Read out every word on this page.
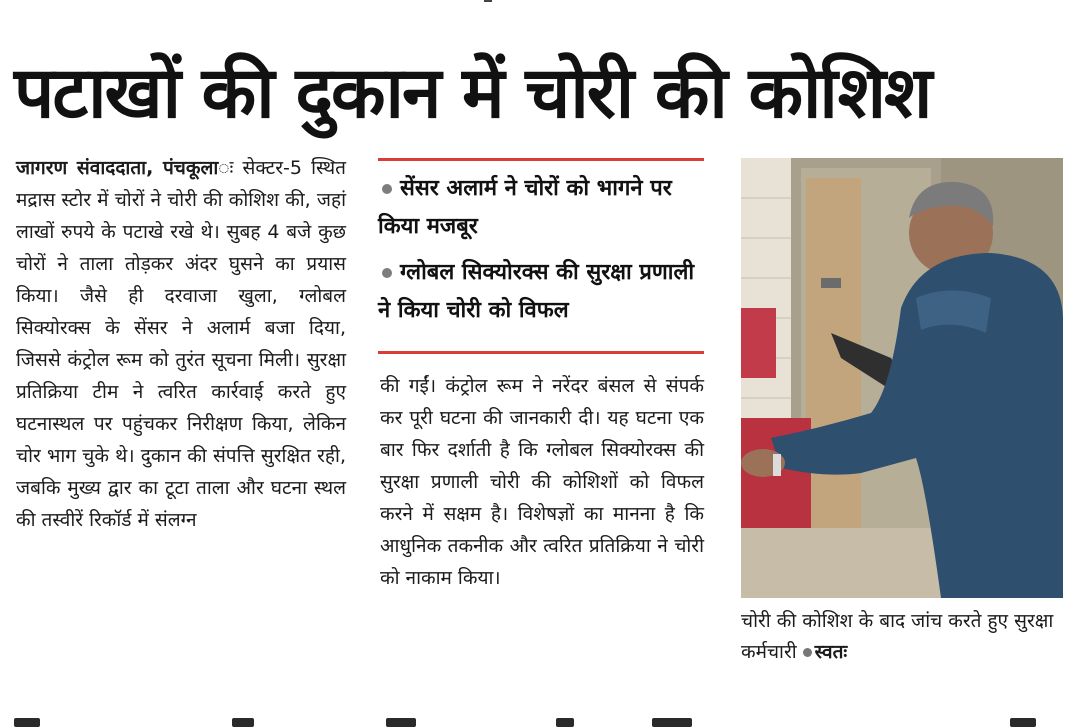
पटाखों की दुकान में चोरी की कोशिश
जागरण संवाददाता, पंचकूलाः सेक्टर-5 स्थित मद्रास स्टोर में चोरों ने चोरी की कोशिश की, जहां लाखों रुपये के पटाखे रखे थे। सुबह 4 बजे कुछ चोरों ने ताला तोड़कर अंदर घुसने का प्रयास किया। जैसे ही दरवाजा खुला, ग्लोबल सिक्योरक्स के सेंसर ने अलार्म बजा दिया, जिससे कंट्रोल रूम को तुरंत सूचना मिली। सुरक्षा प्रतिक्रिया टीम ने त्वरित कार्रवाई करते हुए घटनास्थल पर पहुंचकर निरीक्षण किया, लेकिन चोर भाग चुके थे। दुकान की संपत्ति सुरक्षित रही, जबकि मुख्य द्वार का टूटा ताला और घटना स्थल की तस्वीरें रिकॉर्ड में संलग्न
सेंसर अलार्म ने चोरों को भागने पर किया मजबूर
ग्लोबल सिक्योरक्स की सुरक्षा प्रणाली ने किया चोरी को विफल
की गईं। कंट्रोल रूम ने नरेंदर बंसल से संपर्क कर पूरी घटना की जानकारी दी। यह घटना एक बार फिर दर्शाती है कि ग्लोबल सिक्योरक्स की सुरक्षा प्रणाली चोरी की कोशिशों को विफल करने में सक्षम है। विशेषज्ञों का मानना है कि आधुनिक तकनीक और त्वरित प्रतिक्रिया ने चोरी को नाकाम किया।
चोरी की कोशिश के बाद जांच करते हुए सुरक्षा कर्मचारी स्वतः
